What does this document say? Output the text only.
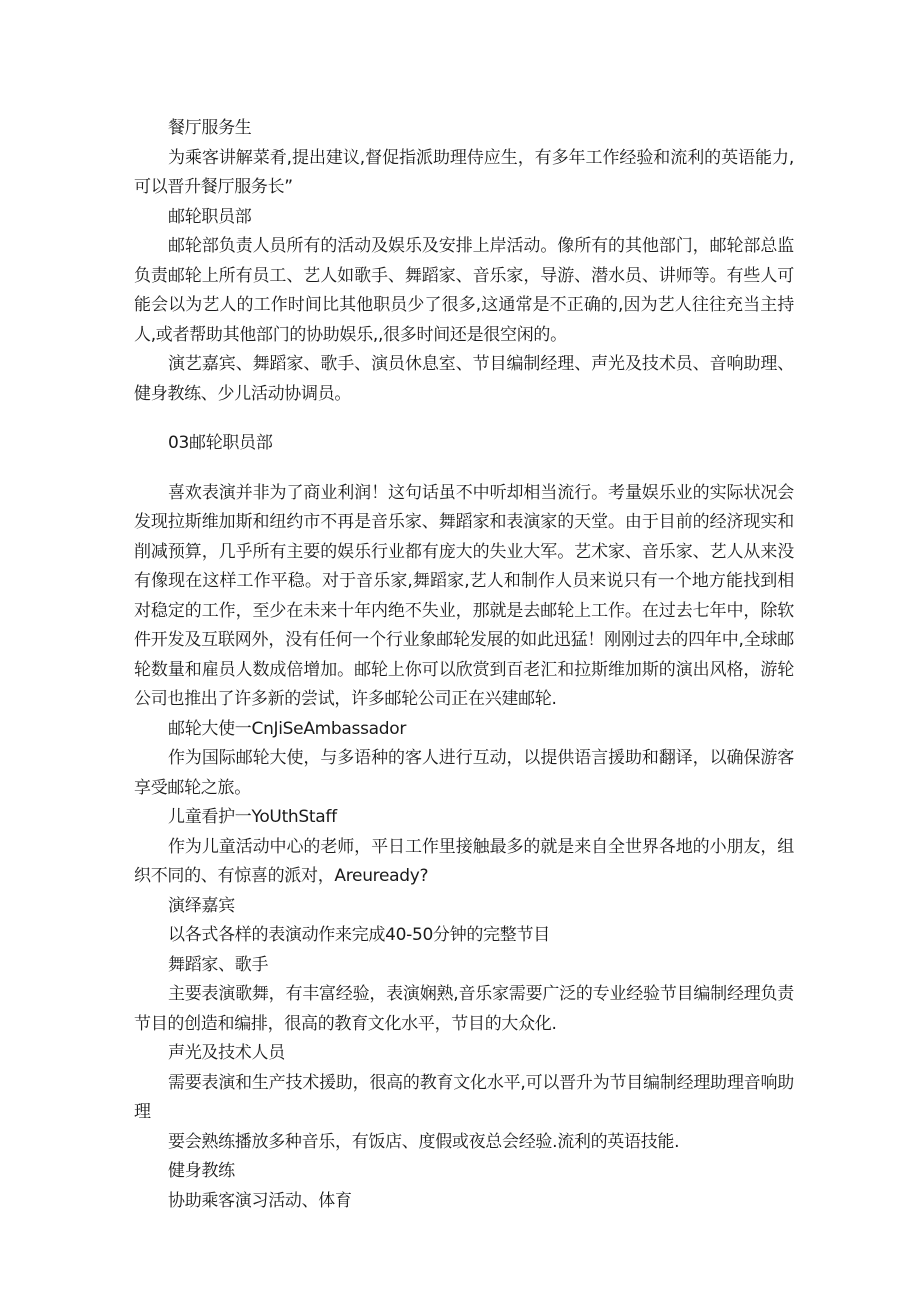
餐厅服务生

为乘客讲解菜肴,提出建议,督促指派助理侍应生，有多年工作经验和流利的英语能力,可以晋升餐厅服务长”

邮轮职员部

邮轮部负责人员所有的活动及娱乐及安排上岸活动。像所有的其他部门，邮轮部总监负责邮轮上所有员工、艺人如歌手、舞蹈家、音乐家，导游、潜水员、讲师等。有些人可能会以为艺人的工作时间比其他职员少了很多,这通常是不正确的,因为艺人往往充当主持人,或者帮助其他部门的协助娱乐,,很多时间还是很空闲的。

演艺嘉宾、舞蹈家、歌手、演员休息室、节目编制经理、声光及技术员、音响助理、健身教练、少儿活动协调员。

03邮轮职员部

喜欢表演并非为了商业利润！这句话虽不中听却相当流行。考量娱乐业的实际状况会发现拉斯维加斯和纽约市不再是音乐家、舞蹈家和表演家的天堂。由于目前的经济现实和削减预算，几乎所有主要的娱乐行业都有庞大的失业大军。艺术家、音乐家、艺人从来没有像现在这样工作平稳。对于音乐家,舞蹈家,艺人和制作人员来说只有一个地方能找到相对稳定的工作，至少在未来十年内绝不失业，那就是去邮轮上工作。在过去七年中，除软件开发及互联网外，没有任何一个行业象邮轮发展的如此迅猛！刚刚过去的四年中,全球邮轮数量和雇员人数成倍增加。邮轮上你可以欣赏到百老汇和拉斯维加斯的演出风格，游轮公司也推出了许多新的尝试，许多邮轮公司正在兴建邮轮.

邮轮大使一CnJiSeAmbassador

作为国际邮轮大使，与多语种的客人进行互动，以提供语言援助和翻译，以确保游客享受邮轮之旅。

儿童看护一YoUthStaff

作为儿童活动中心的老师，平日工作里接触最多的就是来自全世界各地的小朋友，组织不同的、有惊喜的派对，Areuready?

演绎嘉宾

以各式各样的表演动作来完成40-50分钟的完整节目

舞蹈家、歌手

主要表演歌舞，有丰富经验，表演娴熟,音乐家需要广泛的专业经验节目编制经理负责节目的创造和编排，很高的教育文化水平，节目的大众化.

声光及技术人员

需要表演和生产技术援助，很高的教育文化水平,可以晋升为节目编制经理助理音响助理

要会熟练播放多种音乐，有饭店、度假或夜总会经验.流利的英语技能.

健身教练

协助乘客演习活动、体育
